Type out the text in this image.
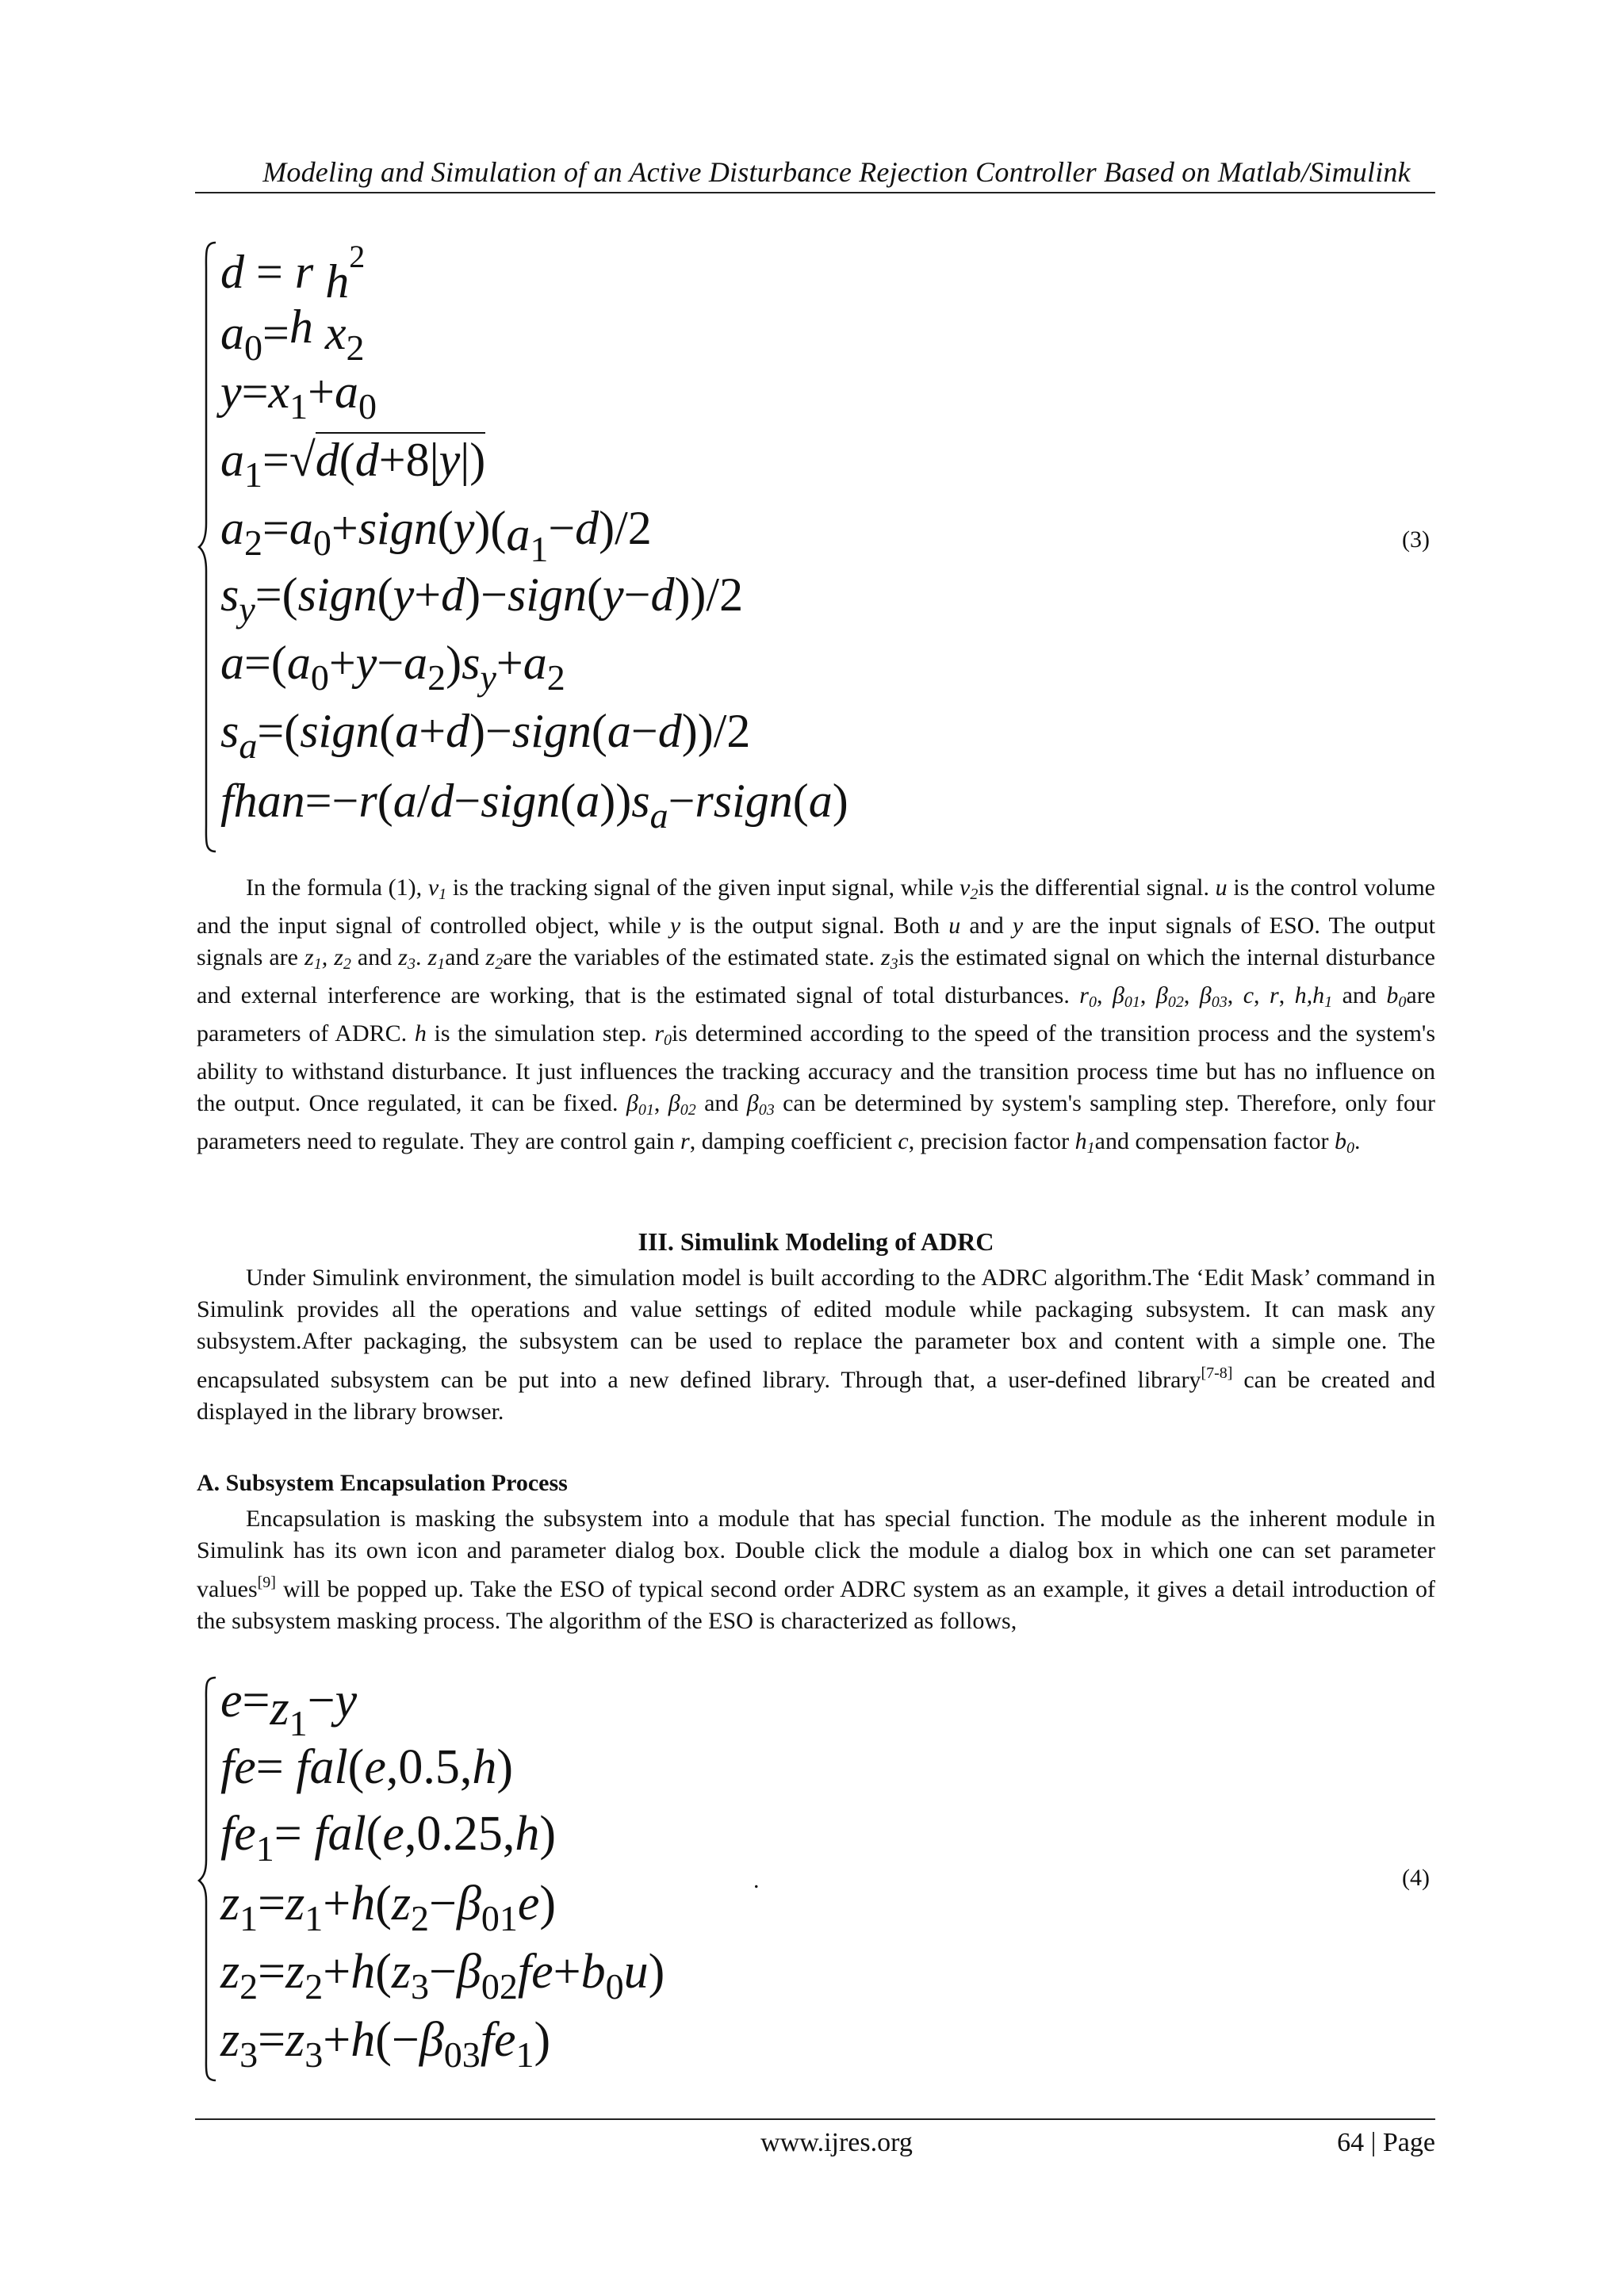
Modeling and Simulation of an Active Disturbance Rejection Controller Based on Matlab/Simulink
d = r $h^2$
$a_0=h$ $x_2$
$y=x_1+a_0$
$a_1=√d(d+8|y|)$
$a_2=a_0+sign(y)(a_1-d)/2$
$s_y=(sign(y+d)-sign(y-d))/2$
$a=(a_0+y-a_2)s_y+a_2$
$s_a=(sign(a+d)-sign(a-d))/2$
$fhan=-r(a/d-sign(a))s_a-rsign(a)$
(3)

In the formula (1), $v_1$ is the tracking signal of the given input signal, while $v_2is$ the differential signal. u is the control volume and the input signal of controlled object, while y is the output signal. Both u and y are the input signals of ESO. The output signals are $z_1$, $z_2$ and $z_3$. $z_1and$ $z_2are$ the variables of the estimated state. $z_3is$ the estimated signal on which the internal disturbance and external interference are working, that is the estimated signal of total disturbances. $r_0$, $\beta_{01}$, $\beta_{02}$, $\beta_{03}$, c, r, $h,h_1$ and $b_0are$ parameters of ADRC. h is the simulation step. $r_0is$ determined according to the speed of the transition process and the system's ability to withstand disturbance. It just influences the tracking accuracy and the transition process time but has no influence on the output. Once regulated, it can be fixed. $\beta_{01}$, $\beta_{02}$ and $\beta_{03}$ can be determined by system's sampling step. Therefore, only four parameters need to regulate. They are control gain r, damping coefficient c, precision factor $h_1and$ compensation factor $b_0$.

III. Simulink Modeling of ADRC

Under Simulink environment, the simulation model is built according to the ADRC algorithm.The ‘Edit Mask’ command in Simulink provides all the operations and value settings of edited module while packaging subsystem. It can mask any subsystem.After packaging, the subsystem can be used to replace the parameter box and content with a simple one. The encapsulated subsystem can be put into a new defined library. Through that, a user-defined library[7-8] can be created and displayed in the library browser.

A. Subsystem Encapsulation Process

Encapsulation is masking the subsystem into a module that has special function. The module as the inherent module in Simulink has its own icon and parameter dialog box. Double click the module a dialog box in which one can set parameter values[9] will be popped up. Take the ESO of typical second order ADRC system as an example, it gives a detail introduction of the subsystem masking process. The algorithm of the ESO is characterized as follows,

$e=z_1-y$
fe= fal(e,0.5,h)
$fe_1= fal(e,0.25,h)$
$z_1=z_1+h(z_2-\beta_{01}e)$
$z_2=z_2+h(z_3-\beta_{02}fe+b_0u)$
$z_3=z_3+h(-\beta_{03}fe_1)$
.	(4)
www.ijres.org	64 | Page
